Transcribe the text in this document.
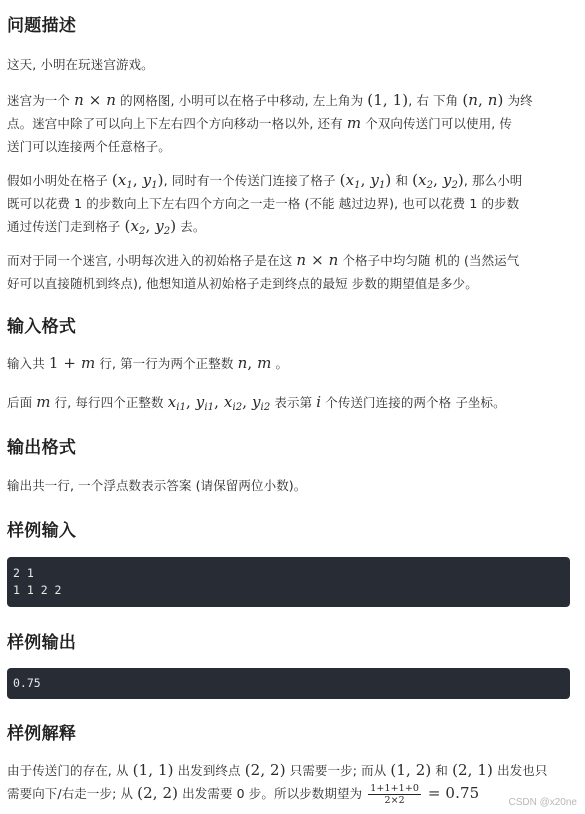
问题描述

这天, 小明在玩迷宫游戏。

迷宫为一个 n × n 的网格图, 小明可以在格子中移动, 左上角为 (1, 1), 右 下角 (n, n) 为终

点。迷宫中除了可以向上下左右四个方向移动一格以外, 还有 m 个双向传送门可以使用, 传

送门可以连接两个任意格子。

假如小明处在格子 ($x_1$, $y_1$), 同时有一个传送门连接了格子 ($x_1$, $y_1$) 和 ($x_2$, $y_2$), 那么小明

既可以花费 1 的步数向上下左右四个方向之一走一格 (不能 越过边界), 也可以花费 1 的步数

通过传送门走到格子 ($x_2$, $y_2$) 去。

而对于同一个迷宫, 小明每次进入的初始格子是在这 n × n 个格子中均匀随 机的 (当然运气

好可以直接随机到终点), 他想知道从初始格子走到终点的最短 步数的期望值是多少。

输入格式

输入共 1 + m 行, 第一行为两个正整数 n, m 。

后面 m 行, 每行四个正整数 $x_{i1}$, $y_{i1}$, $x_{i2}$, $y_{i2}$ 表示第 i 个传送门连接的两个格 子坐标。

输出格式

输出共一行, 一个浮点数表示答案 (请保留两位小数)。

样例输入
2 1
1 1 2 2
样例输出
0.75
样例解释

由于传送门的存在, 从 (1, 1) 出发到终点 (2, 2) 只需要一步; 而从 (1, 2) 和 (2, 1) 出发也只

需要向下/右走一步; 从 (2, 2) 出发需要 0 步。所以步数期望为 $\frac{1+1+1+0}{2\times 2} = 0.75$

CSDN @x20ne
